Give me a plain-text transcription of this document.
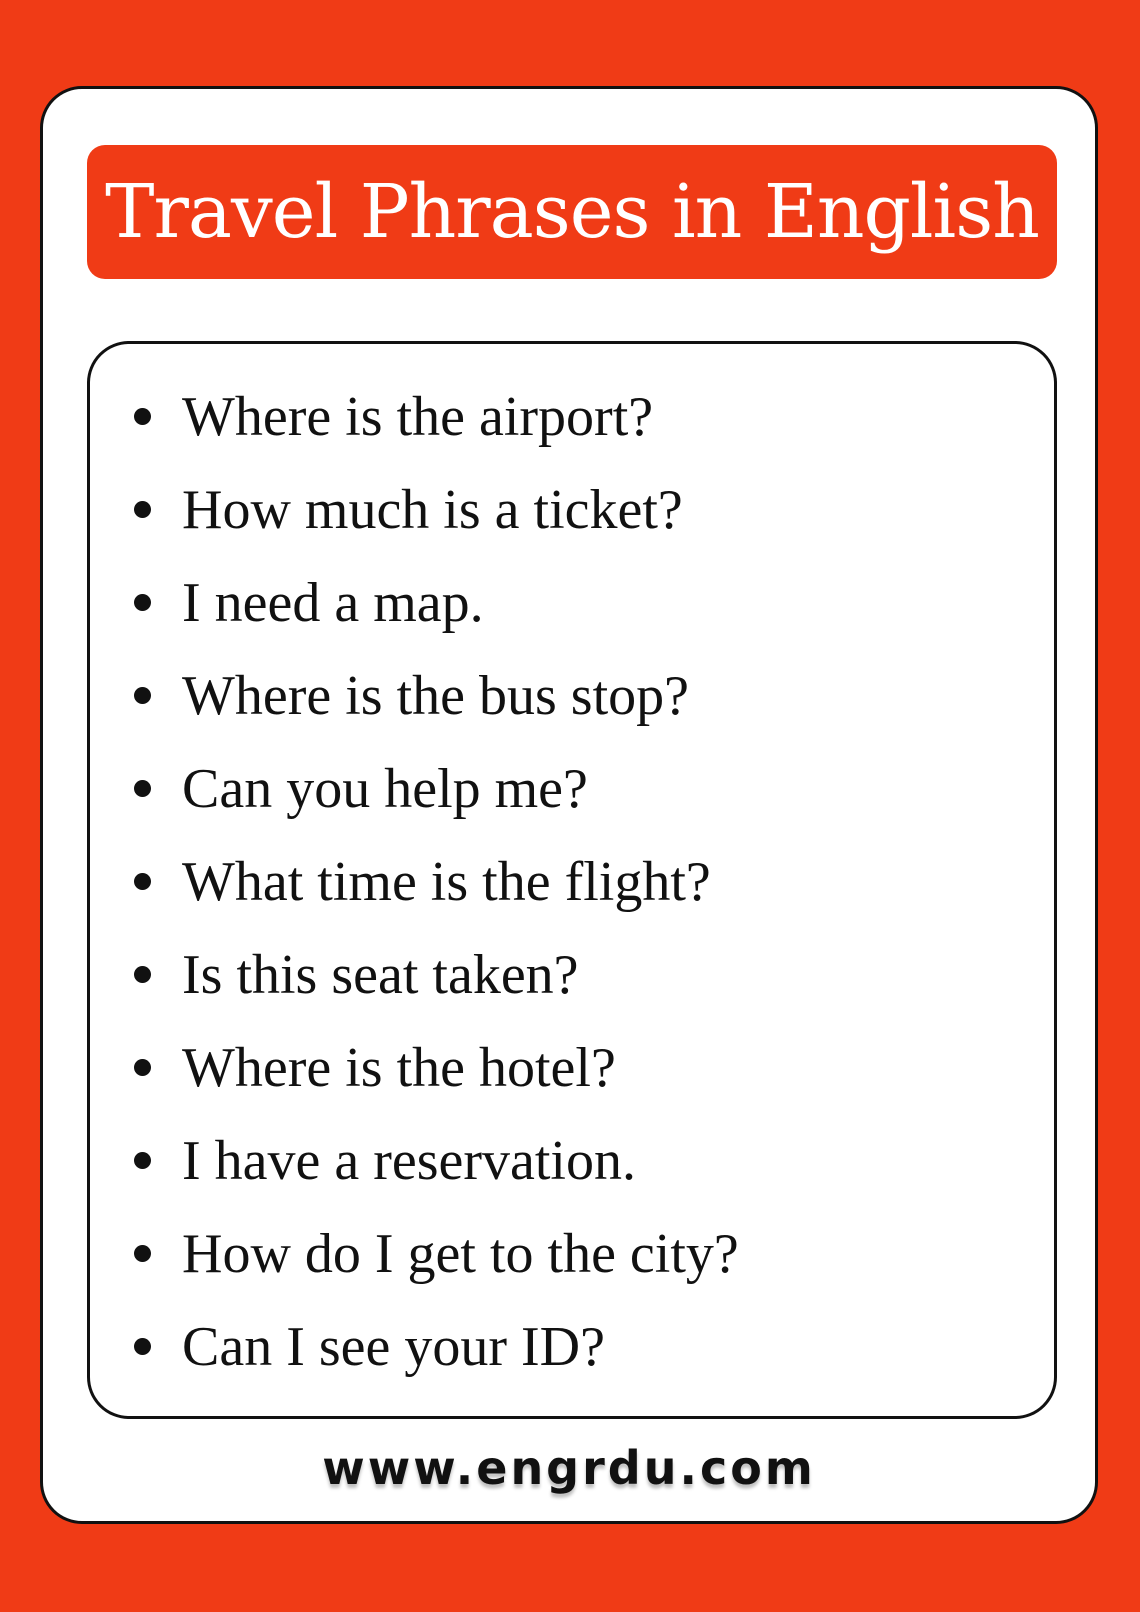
Travel Phrases in English
Where is the airport?
How much is a ticket?
I need a map.
Where is the bus stop?
Can you help me?
What time is the flight?
Is this seat taken?
Where is the hotel?
I have a reservation.
How do I get to the city?
Can I see your ID?
www.engrdu.com
